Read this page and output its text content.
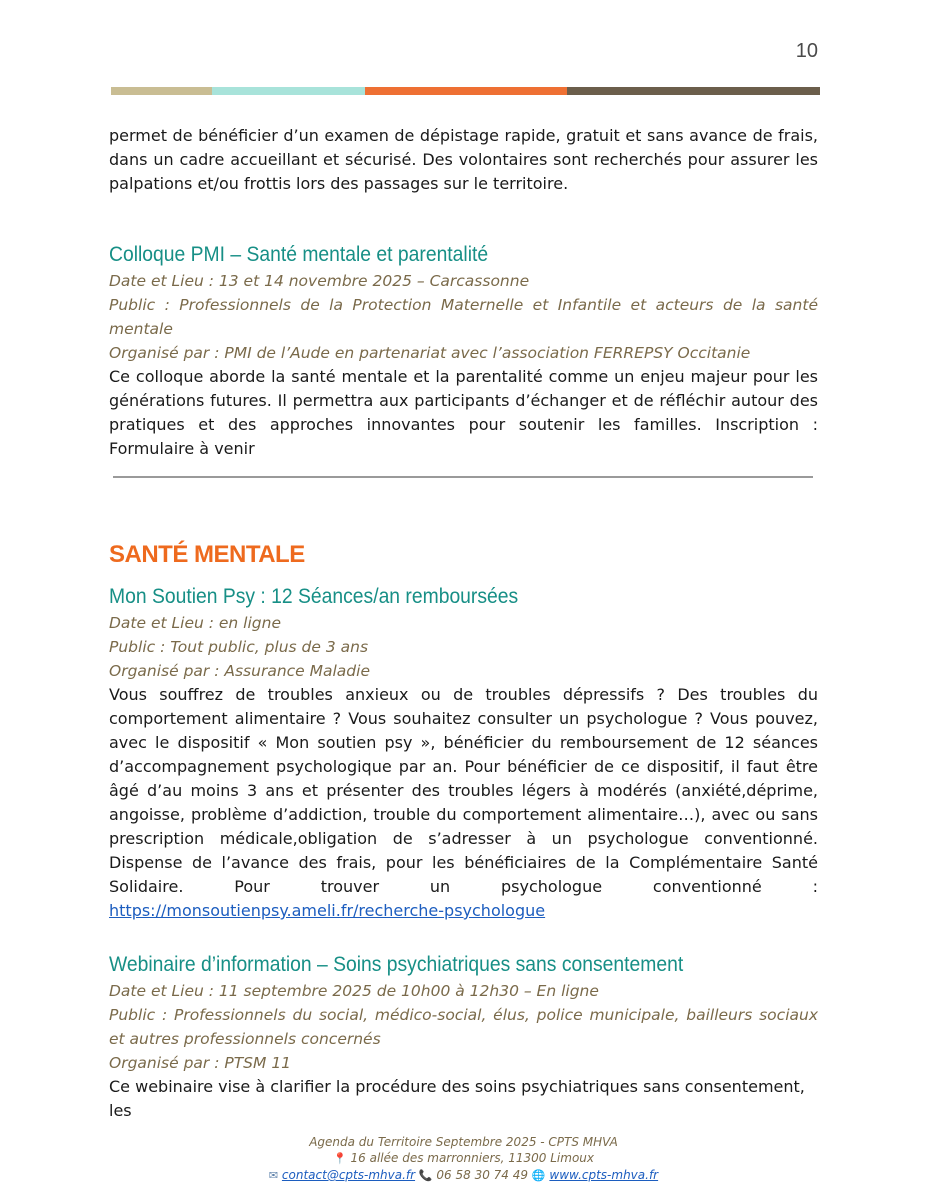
10

permet de bénéficier d’un examen de dépistage rapide, gratuit et sans avance de frais, dans un cadre accueillant et sécurisé. Des volontaires sont recherchés pour assurer les palpations et/ou frottis lors des passages sur le territoire.

Colloque PMI – Santé mentale et parentalité

Date et Lieu : 13 et 14 novembre 2025 – Carcassonne

Public : Professionnels de la Protection Maternelle et Infantile et acteurs de la santé mentale

Organisé par : PMI de l’Aude en partenariat avec l’association FERREPSY Occitanie

Ce colloque aborde la santé mentale et la parentalité comme un enjeu majeur pour les générations futures. Il permettra aux participants d’échanger et de réfléchir autour des pratiques et des approches innovantes pour soutenir les familles. Inscription : Formulaire à venir

SANTÉ MENTALE
Mon Soutien Psy : 12 Séances/an remboursées

Date et Lieu : en ligne

Public : Tout public, plus de 3 ans

Organisé par : Assurance Maladie

Vous souffrez de troubles anxieux ou de troubles dépressifs ? Des troubles du comportement alimentaire ? Vous souhaitez consulter un psychologue ? Vous pouvez, avec le dispositif « Mon soutien psy », bénéficier du remboursement de 12 séances d’accompagnement psychologique par an. Pour bénéficier de ce dispositif, il faut être âgé d’au moins 3 ans et présenter des troubles légers à modérés (anxiété,déprime, angoisse, problème d’addiction, trouble du comportement alimentaire…), avec ou sans prescription médicale,obligation de s’adresser à un psychologue conventionné. Dispense de l’avance des frais, pour les bénéficiaires de la Complémentaire Santé Solidaire. Pour trouver un psychologue conventionné : https://monsoutienpsy.ameli.fr/recherche-psychologue

Webinaire d’information – Soins psychiatriques sans consentement

Date et Lieu : 11 septembre 2025 de 10h00 à 12h30 – En ligne

Public : Professionnels du social, médico-social, élus, police municipale, bailleurs sociaux et autres professionnels concernés

Organisé par : PTSM 11

Ce webinaire vise à clarifier la procédure des soins psychiatriques sans consentement, les

Agenda du Territoire Septembre 2025 - CPTS MHVA
📍 16 allée des marronniers, 11300 Limoux
✉ contact@cpts-mhva.fr 📞 06 58 30 74 49 🌐 www.cpts-mhva.fr
